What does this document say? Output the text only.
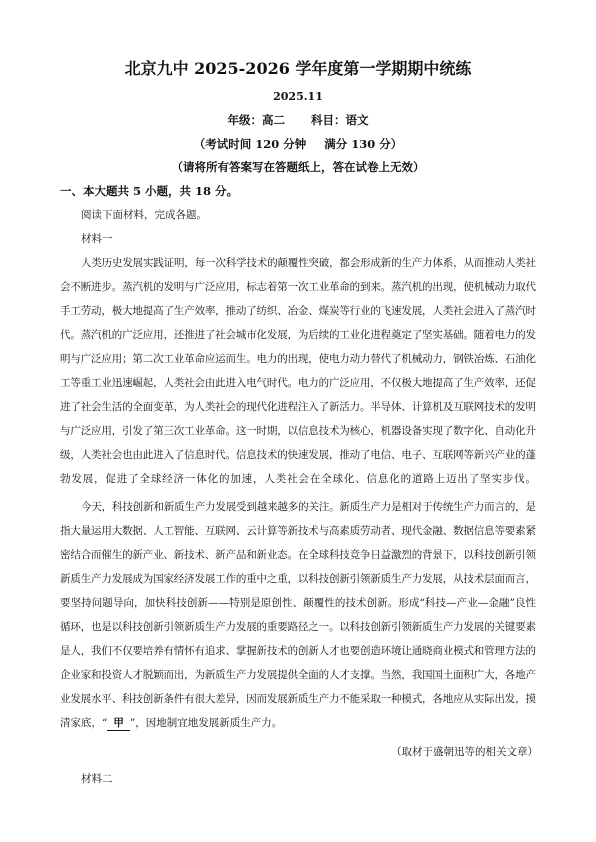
北京九中 2025-2026 学年度第一学期期中统练
2025.11
年级：高二 科目：语文
（考试时间 120 分钟 满分 130 分）
（请将所有答案写在答题纸上，答在试卷上无效）
一、本大题共 5 小题，共 18 分。
阅读下面材料，完成各题。
材料一
人类历史发展实践证明，每一次科学技术的颠覆性突破，都会形成新的生产力体系，从而推动人类社
会不断进步。蒸汽机的发明与广泛应用，标志着第一次工业革命的到来。蒸汽机的出现，使机械动力取代
手工劳动，极大地提高了生产效率，推动了纺织、冶金、煤炭等行业的飞速发展，人类社会进入了蒸汽时
代。蒸汽机的广泛应用，还推进了社会城市化发展，为后续的工业化进程奠定了坚实基础。随着电力的发
明与广泛应用；第二次工业革命应运而生。电力的出现，使电力动力替代了机械动力，钢铁冶炼、石油化
工等重工业迅速崛起，人类社会由此进入电气时代。电力的广泛应用，不仅极大地提高了生产效率，还促
进了社会生活的全面变革，为人类社会的现代化进程注入了新活力。半导体、计算机及互联网技术的发明
与广泛应用，引发了第三次工业革命。这一时期，以信息技术为核心，机器设备实现了数字化、自动化升
级，人类社会也由此进入了信息时代。信息技术的快速发展，推动了电信、电子、互联网等新兴产业的蓬
勃发展，促进了全球经济一体化的加速，人类社会在全球化、信息化的道路上迈出了坚实步伐。
今天，科技创新和新质生产力发展受到越来越多的关注。新质生产力是相对于传统生产力而言的，是
指大量运用大数据、人工智能、互联网、云计算等新技术与高素质劳动者、现代金融、数据信息等要素紧
密结合而催生的新产业、新技术、新产品和新业态。在全球科技竞争日益激烈的背景下，以科技创新引领
新质生产力发展成为国家经济发展工作的重中之重，以科技创新引领新质生产力发展，从技术层面而言，
要坚持问题导向，加快科技创新——特别是原创性、颠覆性的技术创新。形成“科技—产业—金融”良性
循环，也是以科技创新引领新质生产力发展的重要路径之一。以科技创新引领新质生产力发展的关键要素
是人，我们不仅要培养有情怀有追求、掌握新技术的创新人才也要创造环境让通晓商业模式和管理方法的
企业家和投资人才脱颖而出，为新质生产力发展提供全面的人才支撑。当然，我国国土面积广大，各地产
业发展水平、科技创新条件有很大差异，因而发展新质生产力不能采取一种模式，各地应从实际出发，摸
清家底，“ 甲 ”，因地制宜地发展新质生产力。
（取材于盛朝迅等的相关文章）
材料二
